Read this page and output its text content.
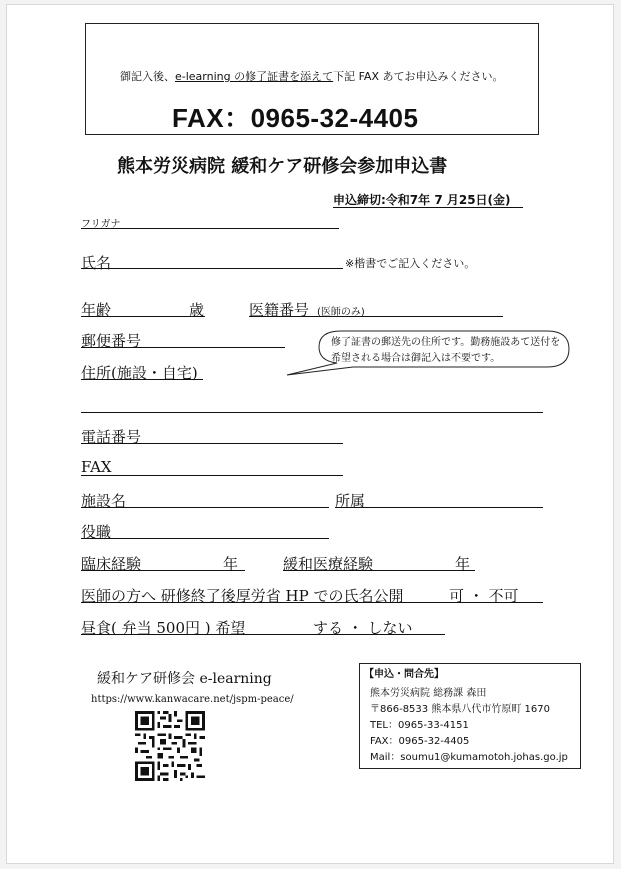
御記入後、e-learning の修了証書を添えて下記 FAX あてお申込みください。
FAX：0965-32-4405
熊本労災病院 緩和ケア研修会参加申込書
申込締切:令和7年 7 月25日(金)
フリガナ
氏名	※楷書でご記入ください。
年齢	歳	医籍番号 (医師のみ)
郵便番号
住所(施設・自宅)
修了証書の郵送先の住所です。勤務施設あて送付を希望される場合は御記入は不要です。
電話番号
FAX
施設名	所属
役職
臨床経験	年	緩和医療経験	年
医師の方へ 研修終了後厚労省 HP での氏名公開	可 ・ 不可
昼食( 弁当 500円 ) 希望	する ・ しない
緩和ケア研修会 e-learning
https://www.kanwacare.net/jspm-peace/
【申込・問合先】
熊本労災病院 総務課 森田
〒866-8533 熊本県八代市竹原町 1670
TEL：0965-33-4151
FAX：0965-32-4405
Mail：soumu1@kumamotoh.johas.go.jp
